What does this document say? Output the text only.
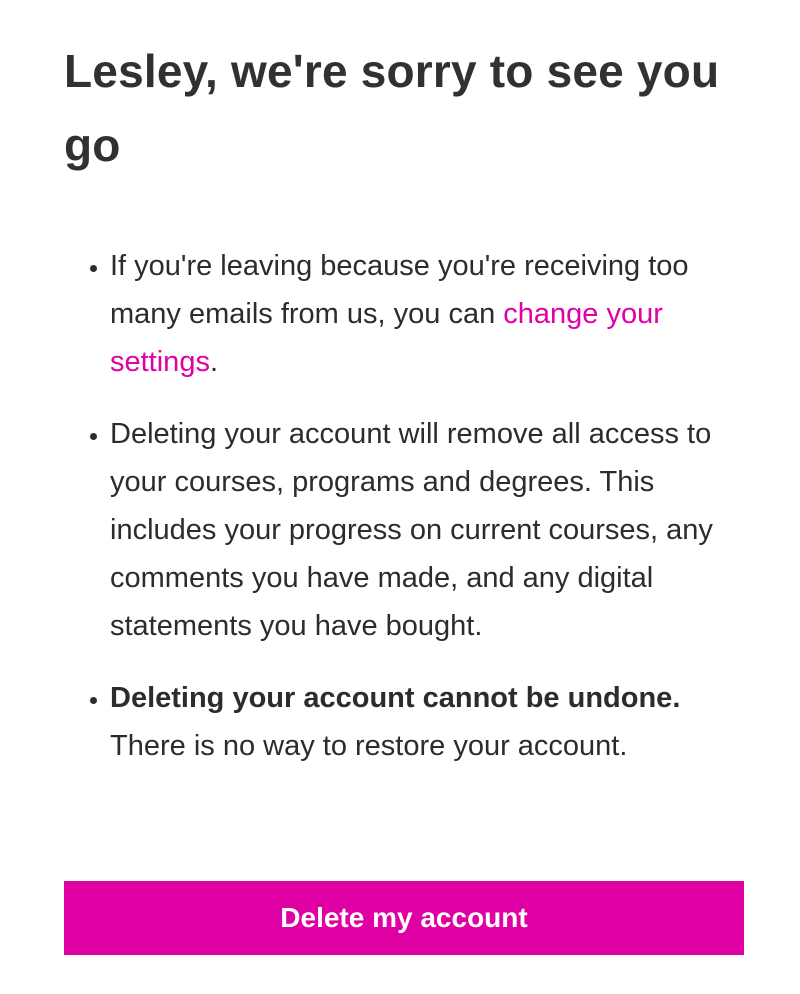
Lesley, we're sorry to see you go
• If you're leaving because you're receiving too many emails from us, you can change your settings.
• Deleting your account will remove all access to your courses, programs and degrees. This includes your progress on current courses, any comments you have made, and any digital statements you have bought.
• Deleting your account cannot be undone. There is no way to restore your account.
Delete my account
